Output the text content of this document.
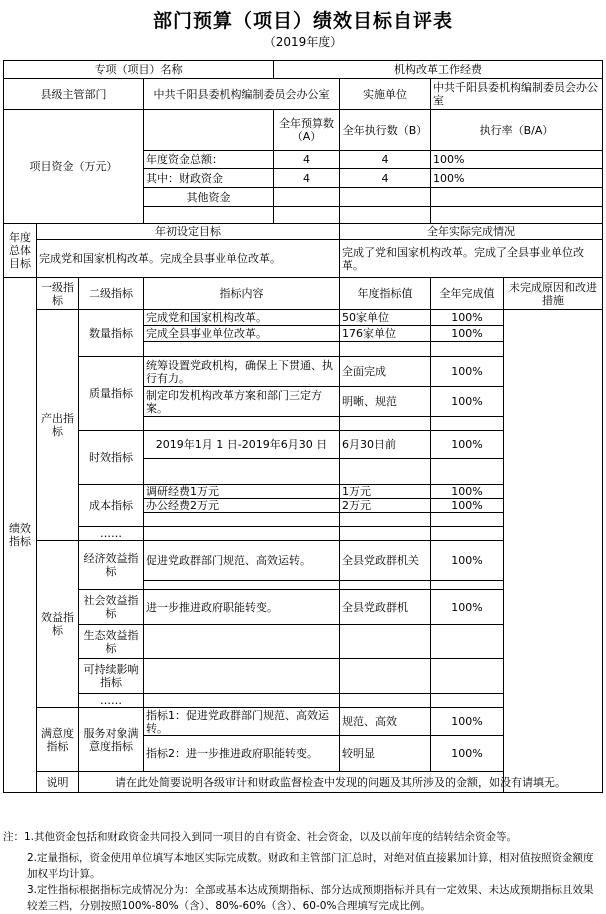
部门预算（项目）绩效目标自评表
（2019年度）
专项（项目）名称				机构改革工作经费			
县级主管部门			中共千阳县委机构编制委员会办公室		实施单位	中共千阳县委机构编制委员会办公室	
项目资金（万元）				全年预算数（A）	全年执行数（B）	执行率（B/A）	
			年度资金总额：	4	4	100%	
			其中：财政资金	4	4	100%	
			其他资金				

年度总体目标	年初设定目标				全年实际完成情况		
	完成党和国家机构改革。完成全县事业单位改革。				完成了党和国家机构改革。完成了全县事业单位改革。		
绩效指标	一级指标	二级指标	指标内容		年度指标值	全年完成值	未完成原因和改进措施
	产出指标	数量指标	完成党和国家机构改革。		50家单位	100%	
			完成全县事业单位改革。		176家单位	100%	

		质量指标	统筹设置党政机构，确保上下贯通、执行有力。		全面完成	100%	
			制定印发机构改革方案和部门三定方案。		明晰、规范	100%	

		时效指标	2019年1月 1 日-2019年6月30 日		6月30日前	100%	

		成本指标	调研经费1万元		1万元	100%	
			办公经费2万元		2万元	100%	

		……					
	效益指标	经济效益指标	促进党政群部门规范、高效运转。		全县党政群机关	100%	

		社会效益指标	进一步推进政府职能转变。		全县党政群机	100%	
		生态效益指标					
		可持续影响指标					
		……					
	满意度指标	服务对象满意度指标	指标1：促进党政群部门规范、高效运转。		规范、高效	100%	
			指标2：进一步推进政府职能转变。		较明显	100%	
	说明	请在此处简要说明各级审计和财政监督检查中发现的问题及其所涉及的金额，如没有请填无。					
注：1.其他资金包括和财政资金共同投入到同一项目的自有资金、社会资金，以及以前年度的结转结余资金等。
2.定量指标，资金使用单位填写本地区实际完成数。财政和主管部门汇总时，对绝对值直接累加计算，相对值按照资金额度加权平均计算。
3.定性指标根据指标完成情况分为：全部或基本达成预期指标、部分达成预期指标并具有一定效果、未达成预期指标且效果较差三档，分别按照100%-80%（含）、80%-60%（含）、60-0%合理填写完成比例。
